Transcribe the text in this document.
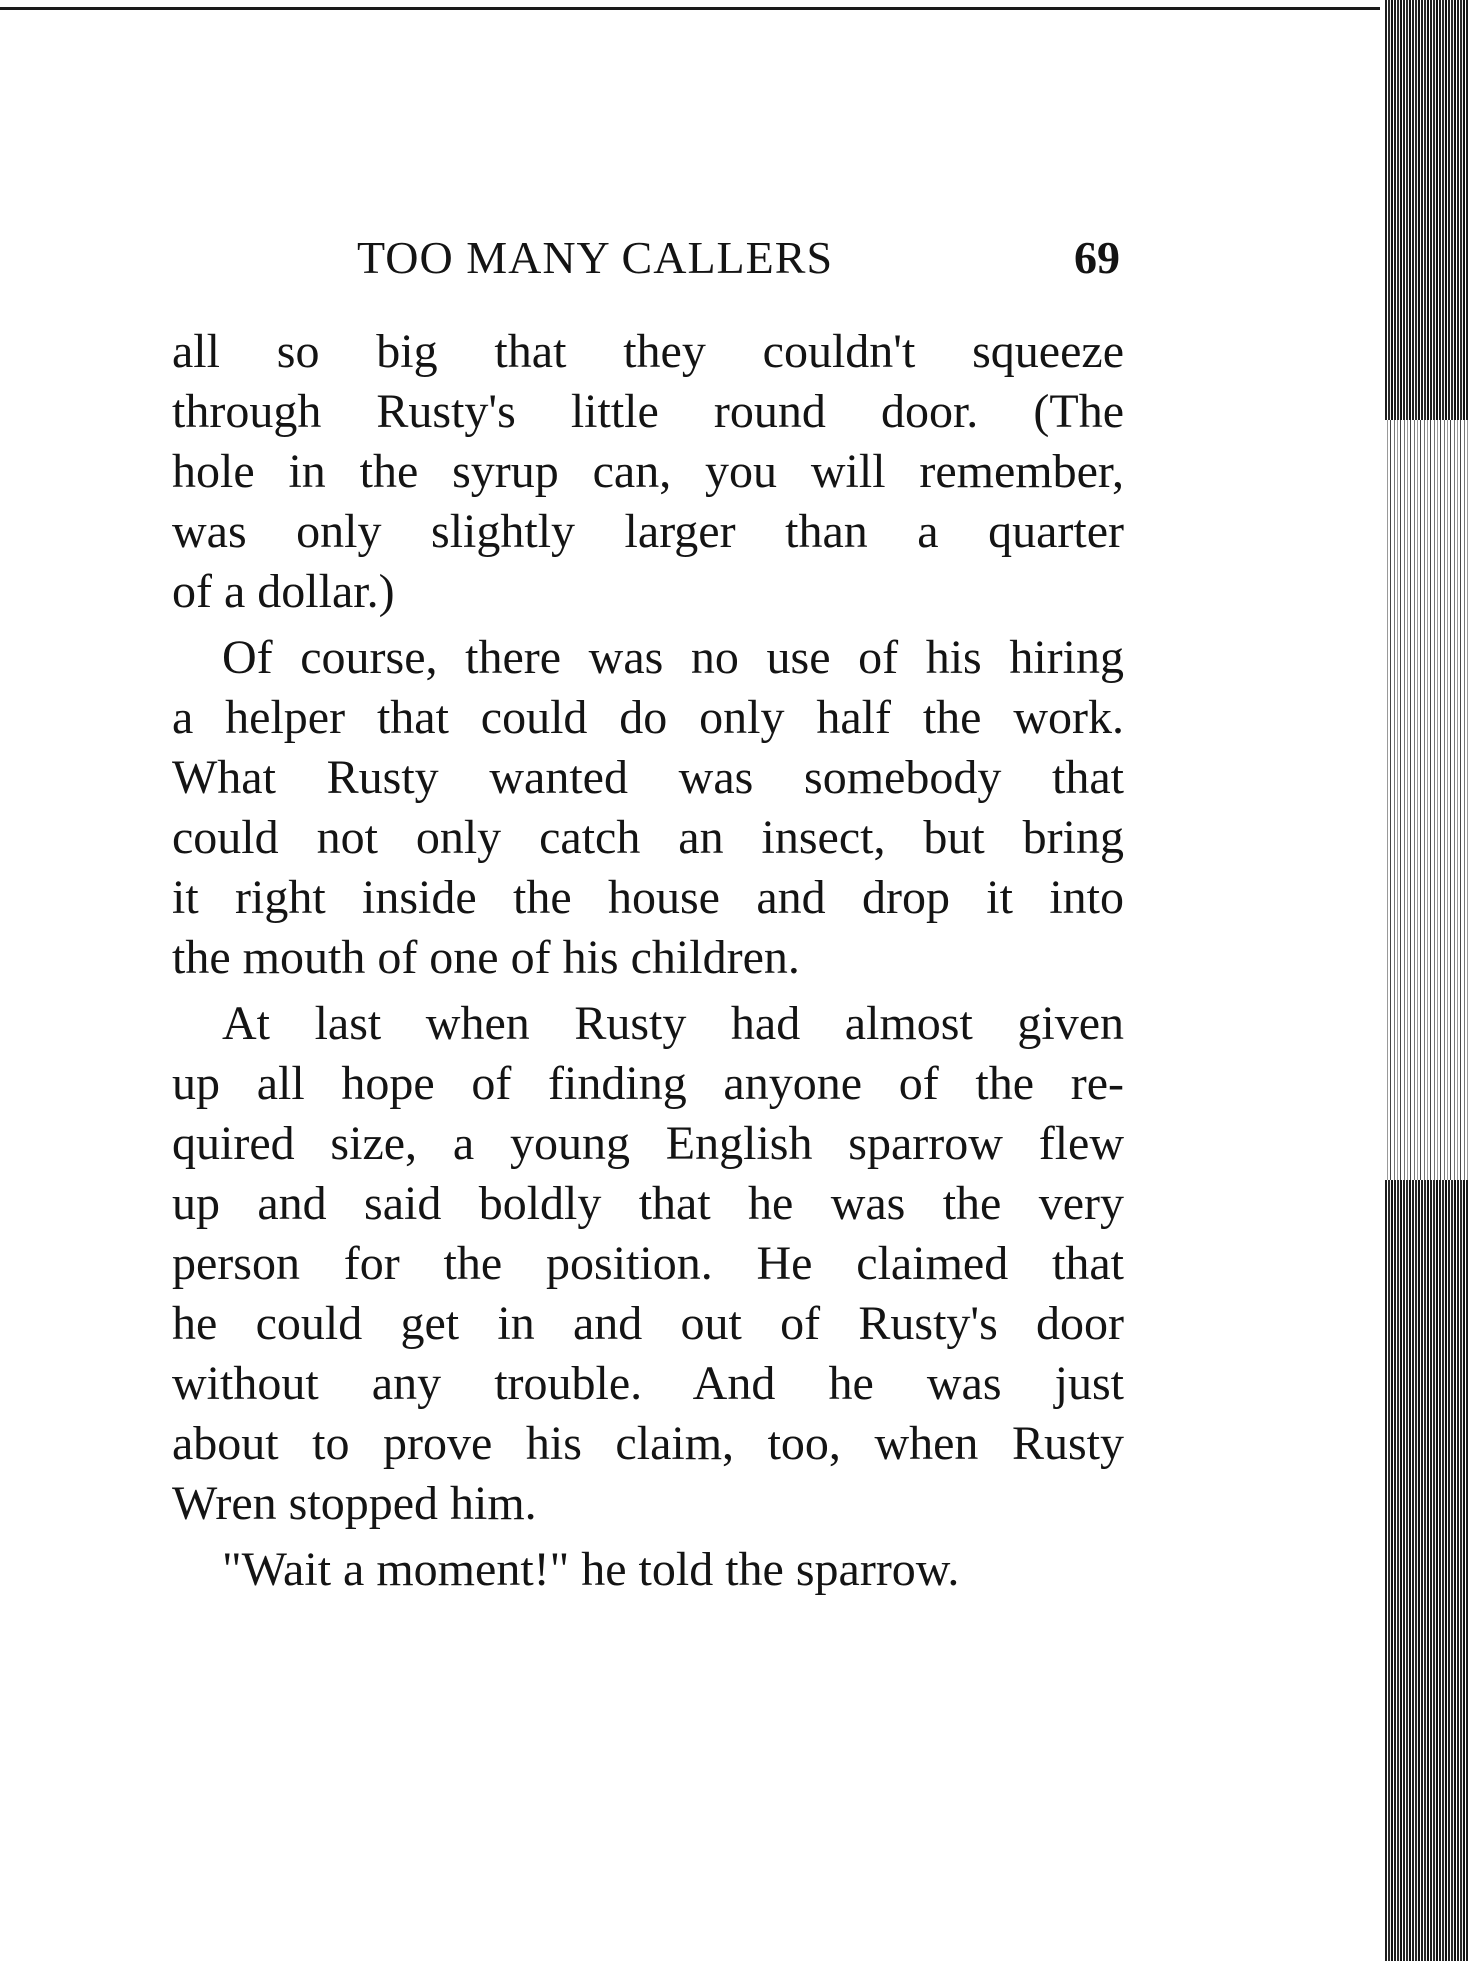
TOO MANY CALLERS	69

all so big that they couldn't squeeze
through Rusty's little round door. (The
hole in the syrup can, you will remember,
was only slightly larger than a quarter
of a dollar.)

Of course, there was no use of his hiring
a helper that could do only half the work.
What Rusty wanted was somebody that
could not only catch an insect, but bring
it right inside the house and drop it into
the mouth of one of his children.

At last when Rusty had almost given
up all hope of finding anyone of the re-
quired size, a young English sparrow flew
up and said boldly that he was the very
person for the position. He claimed that
he could get in and out of Rusty's door
without any trouble. And he was just
about to prove his claim, too, when Rusty
Wren stopped him.

"Wait a moment!" he told the sparrow.
